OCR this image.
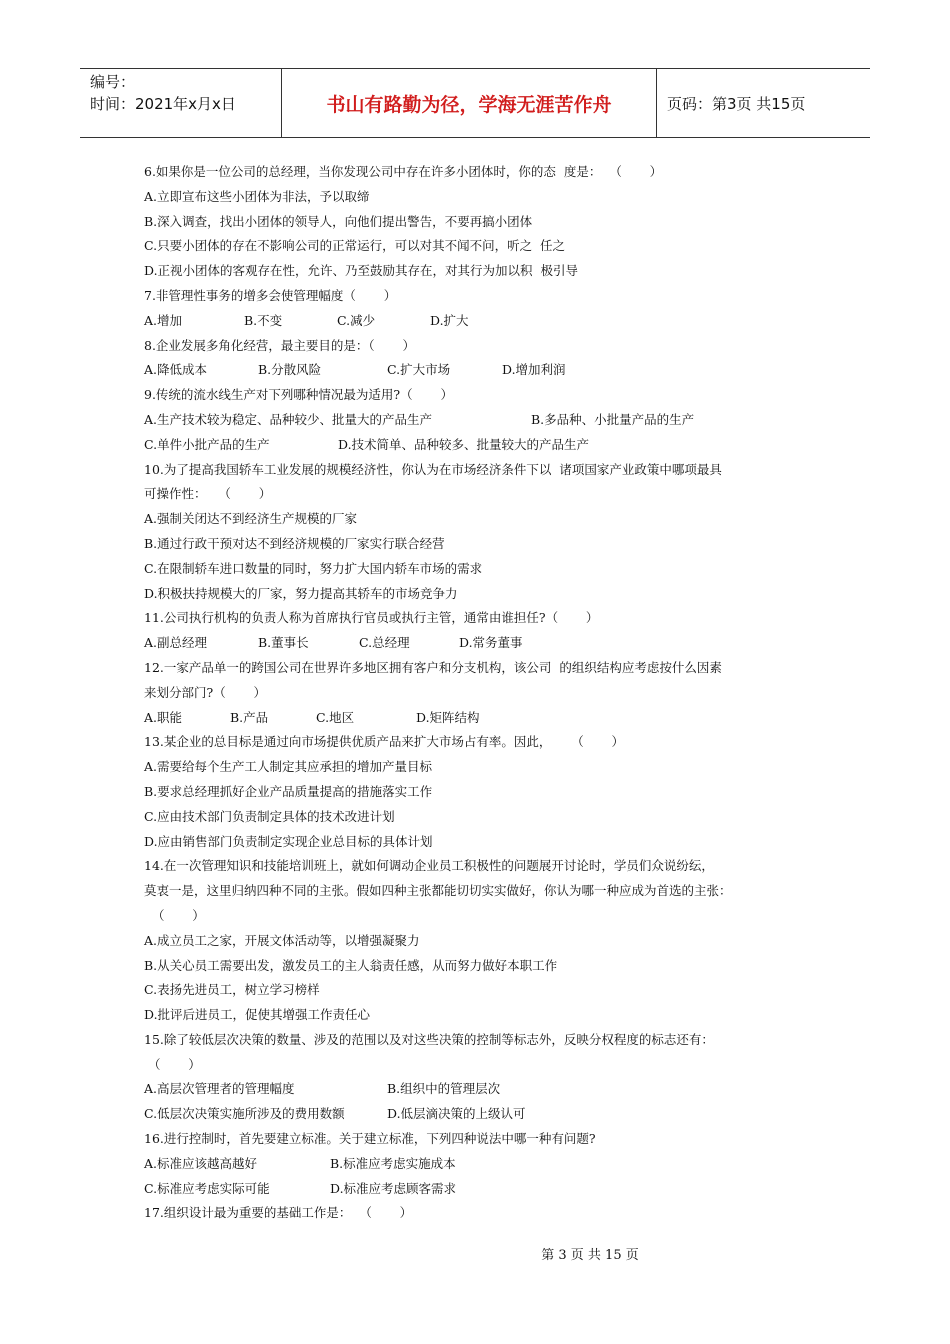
编号：
时间：2021年x月x日	书山有路勤为径，学海无涯苦作舟	页码：第3页 共15页
6.如果你是一位公司的总经理，当你发现公司中存在许多小团体时，你的态  度是：  （       ）
A.立即宣布这些小团体为非法，予以取缔
B.深入调查，找出小团体的领导人，向他们提出警告，不要再搞小团体
C.只要小团体的存在不影响公司的正常运行，可以对其不闻不问，听之  任之
D.正视小团体的客观存在性，允许、乃至鼓励其存在，对其行为加以积  极引导
7.非管理性事务的增多会使管理幅度（       ）
A.增加	B.不变	C.减少	D.扩大
8.企业发展多角化经营，最主要目的是：（       ）
A.降低成本	B.分散风险	C.扩大市场	D.增加利润
9.传统的流水线生产对下列哪种情况最为适用?（       ）
A.生产技术较为稳定、品种较少、批量大的产品生产	B.多品种、小批量产品的生产
C.单件小批产品的生产	D.技术简单、品种较多、批量较大的产品生产
10.为了提高我国轿车工业发展的规模经济性，你认为在市场经济条件下以  诸项国家产业政策中哪项最具
可操作性：   （       ）
A.强制关闭达不到经济生产规模的厂家
B.通过行政干预对达不到经济规模的厂家实行联合经营
C.在限制轿车进口数量的同时，努力扩大国内轿车市场的需求
D.积极扶持规模大的厂家，努力提高其轿车的市场竞争力
11.公司执行机构的负责人称为首席执行官员或执行主管，通常由谁担任?（       ）
A.副总经理	B.董事长	C.总经理	D.常务董事
12.一家产品单一的跨国公司在世界许多地区拥有客户和分支机构，该公司  的组织结构应考虑按什么因素
来划分部门?（       ）
A.职能	B.产品	C.地区	D.矩阵结构
13.某企业的总目标是通过向市场提供优质产品来扩大市场占有率。因此，     （       ）
A.需要给每个生产工人制定其应承担的增加产量目标
B.要求总经理抓好企业产品质量提高的措施落实工作
C.应由技术部门负责制定具体的技术改进计划
D.应由销售部门负责制定实现企业总目标的具体计划
14.在一次管理知识和技能培训班上，就如何调动企业员工积极性的问题展开讨论时，学员们众说纷纭，
莫衷一是，这里归纳四种不同的主张。假如四种主张都能切切实实做好，你认为哪一种应成为首选的主张：
（       ）
A.成立员工之家，开展文体活动等，以增强凝聚力
B.从关心员工需要出发，激发员工的主人翁责任感，从而努力做好本职工作
C.表扬先进员工，树立学习榜样
D.批评后进员工，促使其增强工作责任心
15.除了较低层次决策的数量、涉及的范围以及对这些决策的控制等标志外，反映分权程度的标志还有：
（       ）
A.高层次管理者的管理幅度	B.组织中的管理层次
C.低层次决策实施所涉及的费用数额	D.低层滴决策的上级认可
16.进行控制时，首先要建立标准。关于建立标准，下列四种说法中哪一种有问题?
A.标准应该越高越好	B.标准应考虑实施成本
C.标准应考虑实际可能	D.标准应考虑顾客需求
17.组织设计最为重要的基础工作是：  （       ）
第 3 页 共 15 页
